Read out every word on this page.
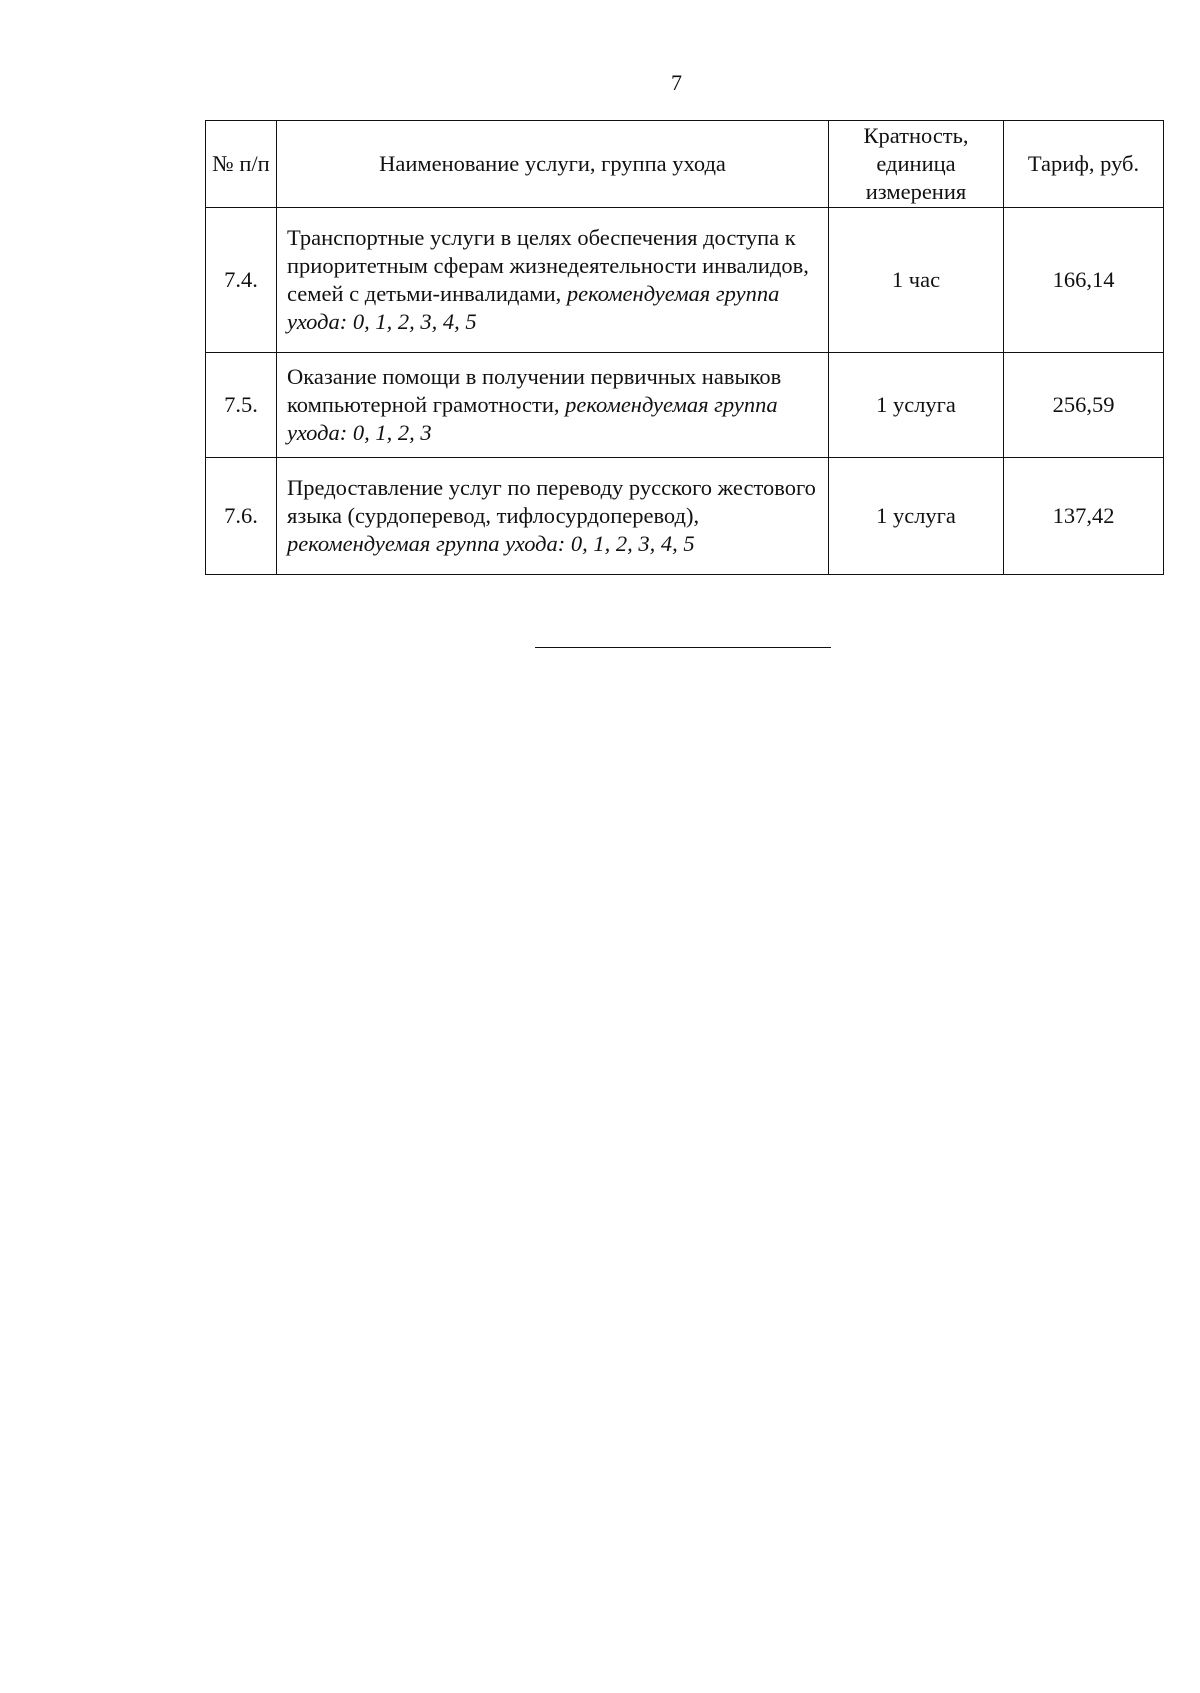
7
№ п/п	Наименование услуги, группа ухода	Кратность, единица измерения	Тариф, руб.
7.4.	Транспортные услуги в целях обеспечения доступа к приоритетным сферам жизнедеятельности инвалидов, семей с детьми-инвалидами, рекомендуемая группа ухода: 0, 1, 2, 3, 4, 5	1 час	166,14
7.5.	Оказание помощи в получении первичных навыков компьютерной грамотности, рекомендуемая группа ухода: 0, 1, 2, 3	1 услуга	256,59
7.6.	Предоставление услуг по переводу русского жестового языка (сурдоперевод, тифлосурдоперевод), рекомендуемая группа ухода: 0, 1, 2, 3, 4, 5	1 услуга	137,42
